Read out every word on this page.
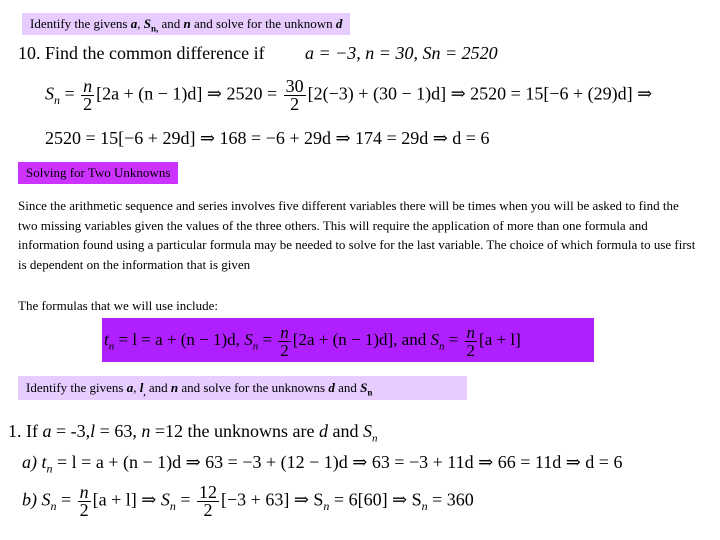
Identify the givens a, $S_{n,}$ and n and solve for the unknown d
10. Find the common difference if a = −3, n = 30, Sn = 2520
$S_n = \frac{n}{2} [2a + (n - 1)d]$ ⇒ $2520 = \frac{30}{2} [2(-3) + (30 - 1)d]$ ⇒ 2520 = 15[−6 + (29)d] ⇒
2520 = 15[−6 + 29d] ⇒ 168 = −6 + 29d ⇒ 174 = 29d ⇒ d = 6
Solving for Two Unknowns
Since the arithmetic sequence and series involves five different variables there will be times when you will be asked to find the two missing variables given the values of the three others. This will require the application of more than one formula and information found using a particular formula may be needed to solve for the last variable. The choice of which formula to use first is dependent on the information that is given
The formulas that we will use include:
$t_n = l = a + (n - 1)d$, $S_n = \frac{n}{2} [2a + (n - 1)d]$, and $S_n = \frac{n}{2} [a + l]$
Identify the givens a, $l_,$ and n and solve for the unknowns d and $S_n$
1. If a = -3,l = 63, n =12 the unknowns are d and $S_n$
a) $t_n = l = a + (n - 1)d$ ⇒ 63 = −3 + (12 − 1)d ⇒ 63 = −3 + 11d ⇒ 66 = 11d ⇒ d = 6
b) $S_n = \frac{n}{2} [a + l]$ ⇒ $S_n = \frac{12}{2} [-3 + 63]$ ⇒ $S_n = 6[60]$ ⇒ $S_n = 360$
